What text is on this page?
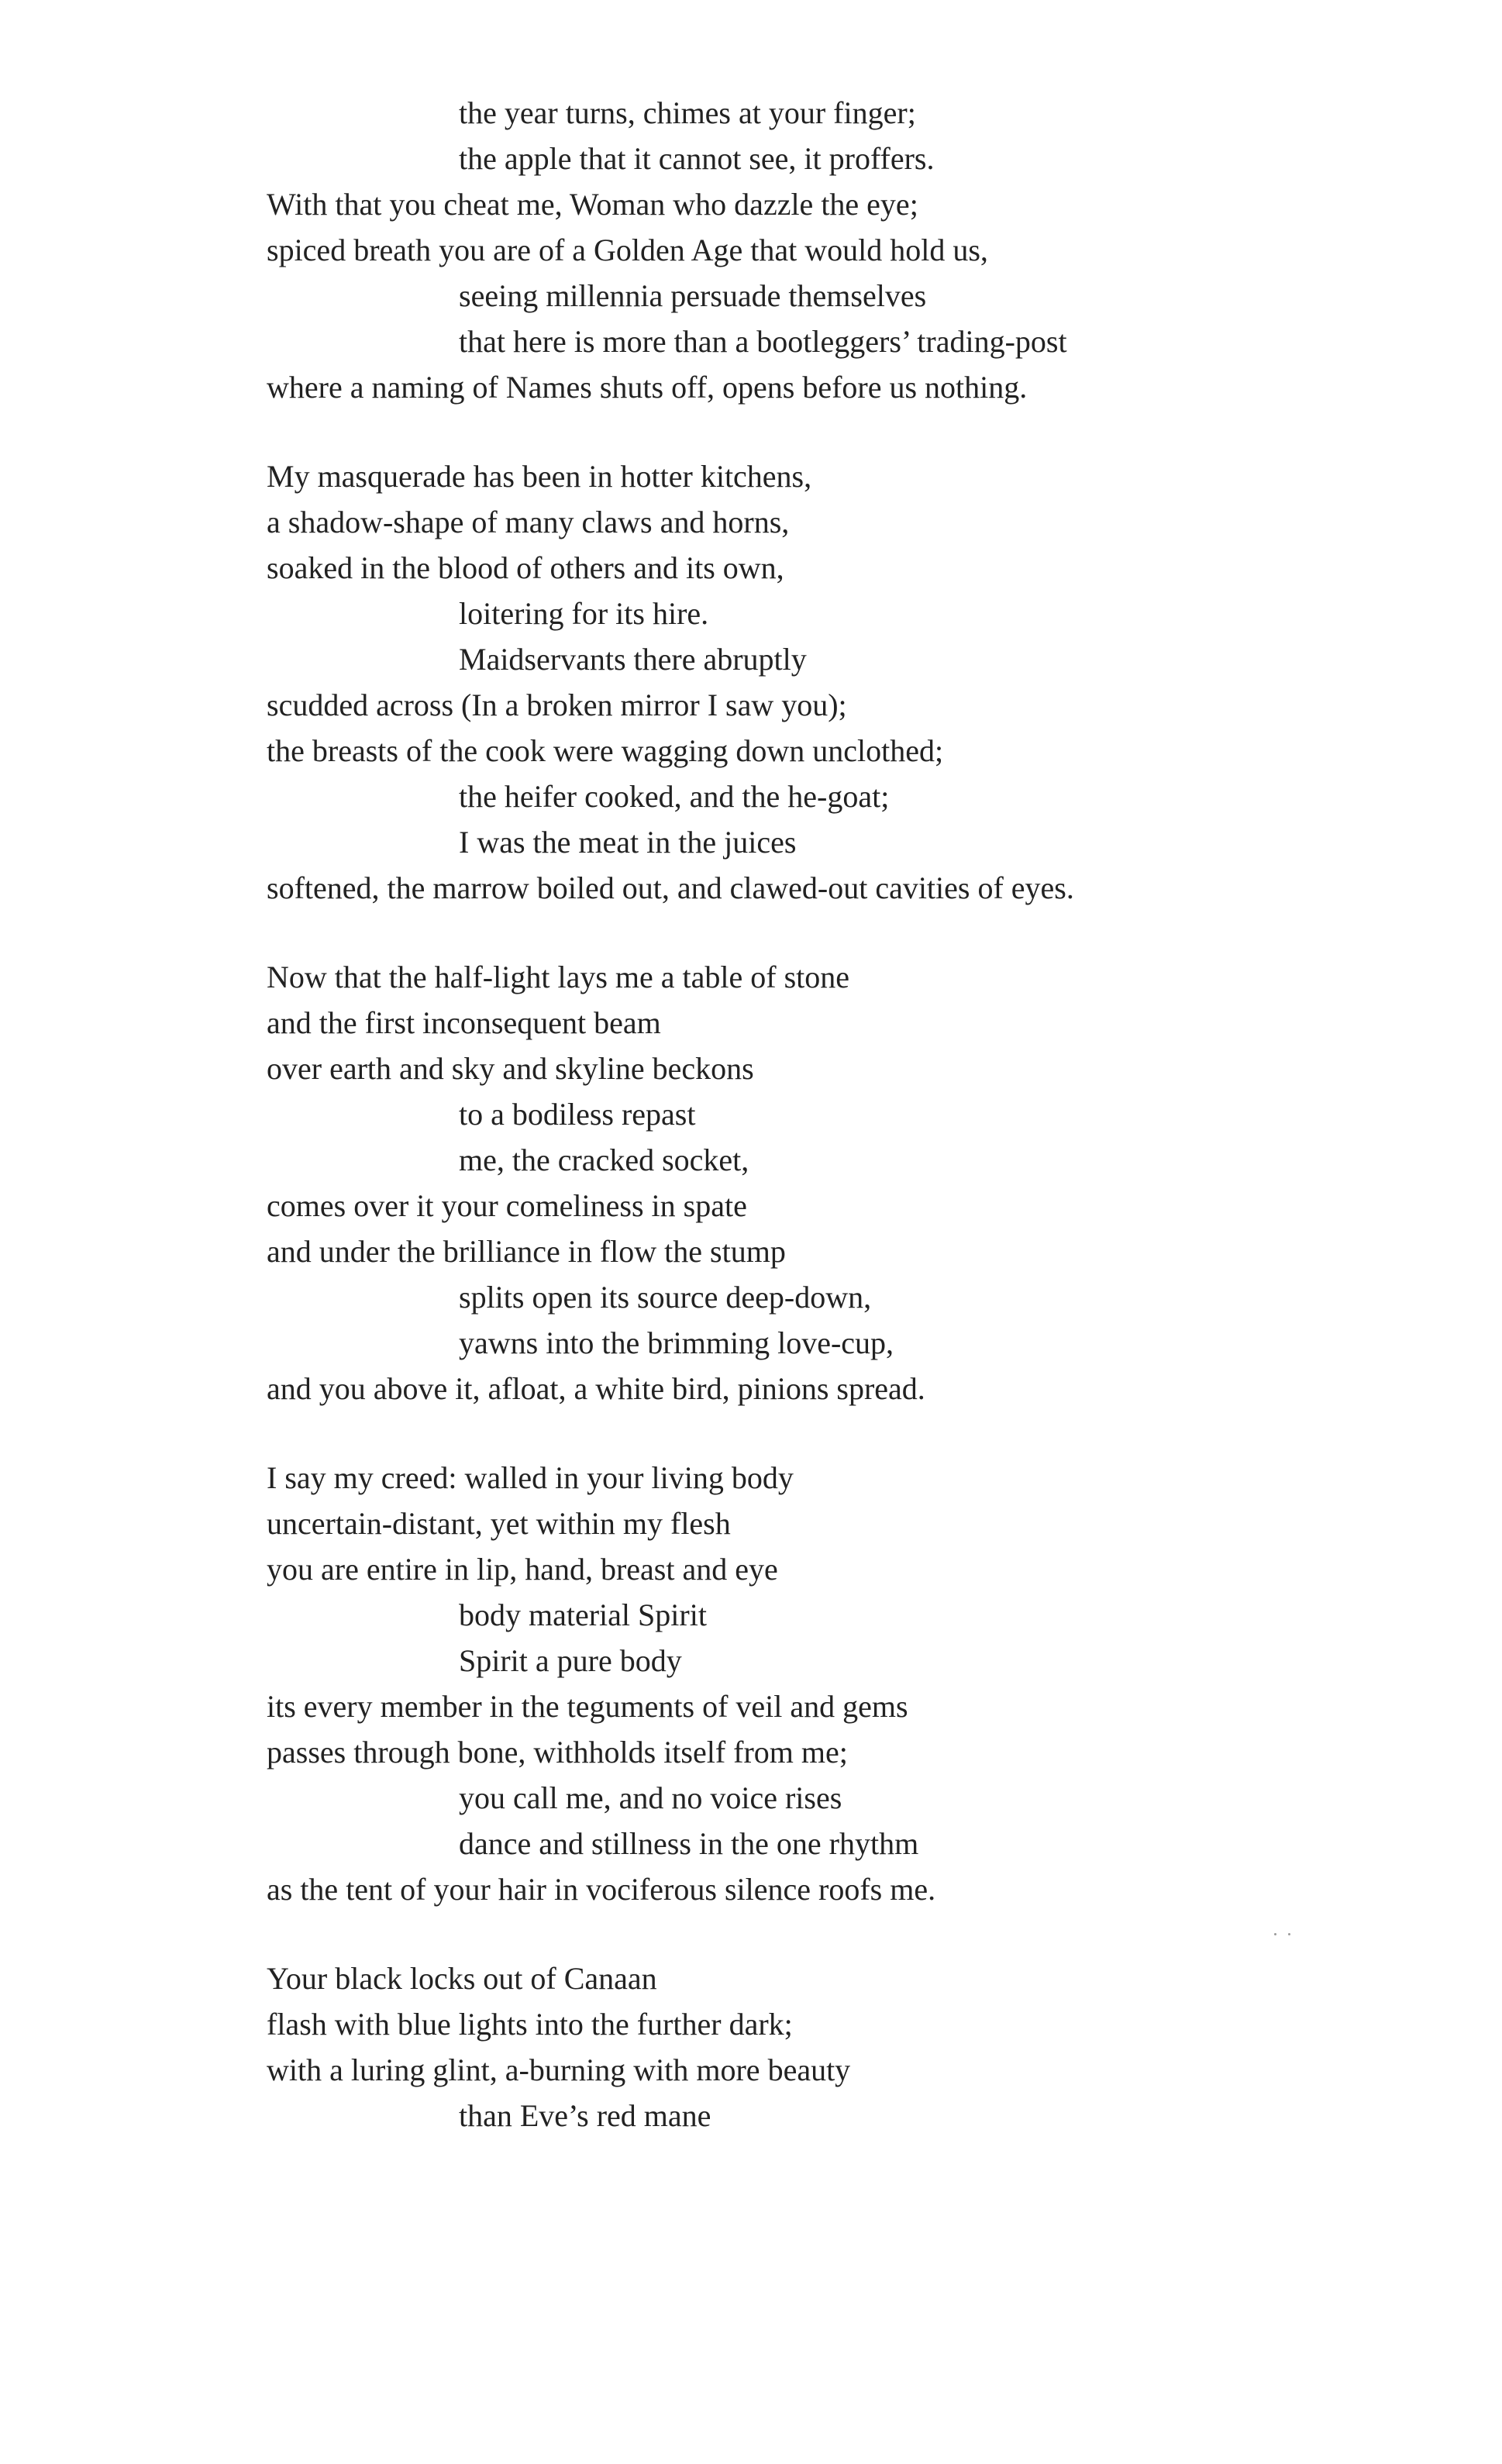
the year turns, chimes at your finger;
the apple that it cannot see, it proffers.
With that you cheat me, Woman who dazzle the eye;
spiced breath you are of a Golden Age that would hold us,
seeing millennia persuade themselves
that here is more than a bootleggers’ trading-post
where a naming of Names shuts off, opens before us nothing.
My masquerade has been in hotter kitchens,
a shadow-shape of many claws and horns,
soaked in the blood of others and its own,
loitering for its hire.
Maidservants there abruptly
scudded across (In a broken mirror I saw you);
the breasts of the cook were wagging down unclothed;
the heifer cooked, and the he-goat;
I was the meat in the juices
softened, the marrow boiled out, and clawed-out cavities of eyes.
Now that the half-light lays me a table of stone
and the first inconsequent beam
over earth and sky and skyline beckons
to a bodiless repast
me, the cracked socket,
comes over it your comeliness in spate
and under the brilliance in flow the stump
splits open its source deep-down,
yawns into the brimming love-cup,
and you above it, afloat, a white bird, pinions spread.
I say my creed: walled in your living body
uncertain-distant, yet within my flesh
you are entire in lip, hand, breast and eye
body material Spirit
Spirit a pure body
its every member in the teguments of veil and gems
passes through bone, withholds itself from me;
you call me, and no voice rises
dance and stillness in the one rhythm
as the tent of your hair in vociferous silence roofs me.
Your black locks out of Canaan
flash with blue lights into the further dark;
with a luring glint, a-burning with more beauty
than Eve’s red mane
